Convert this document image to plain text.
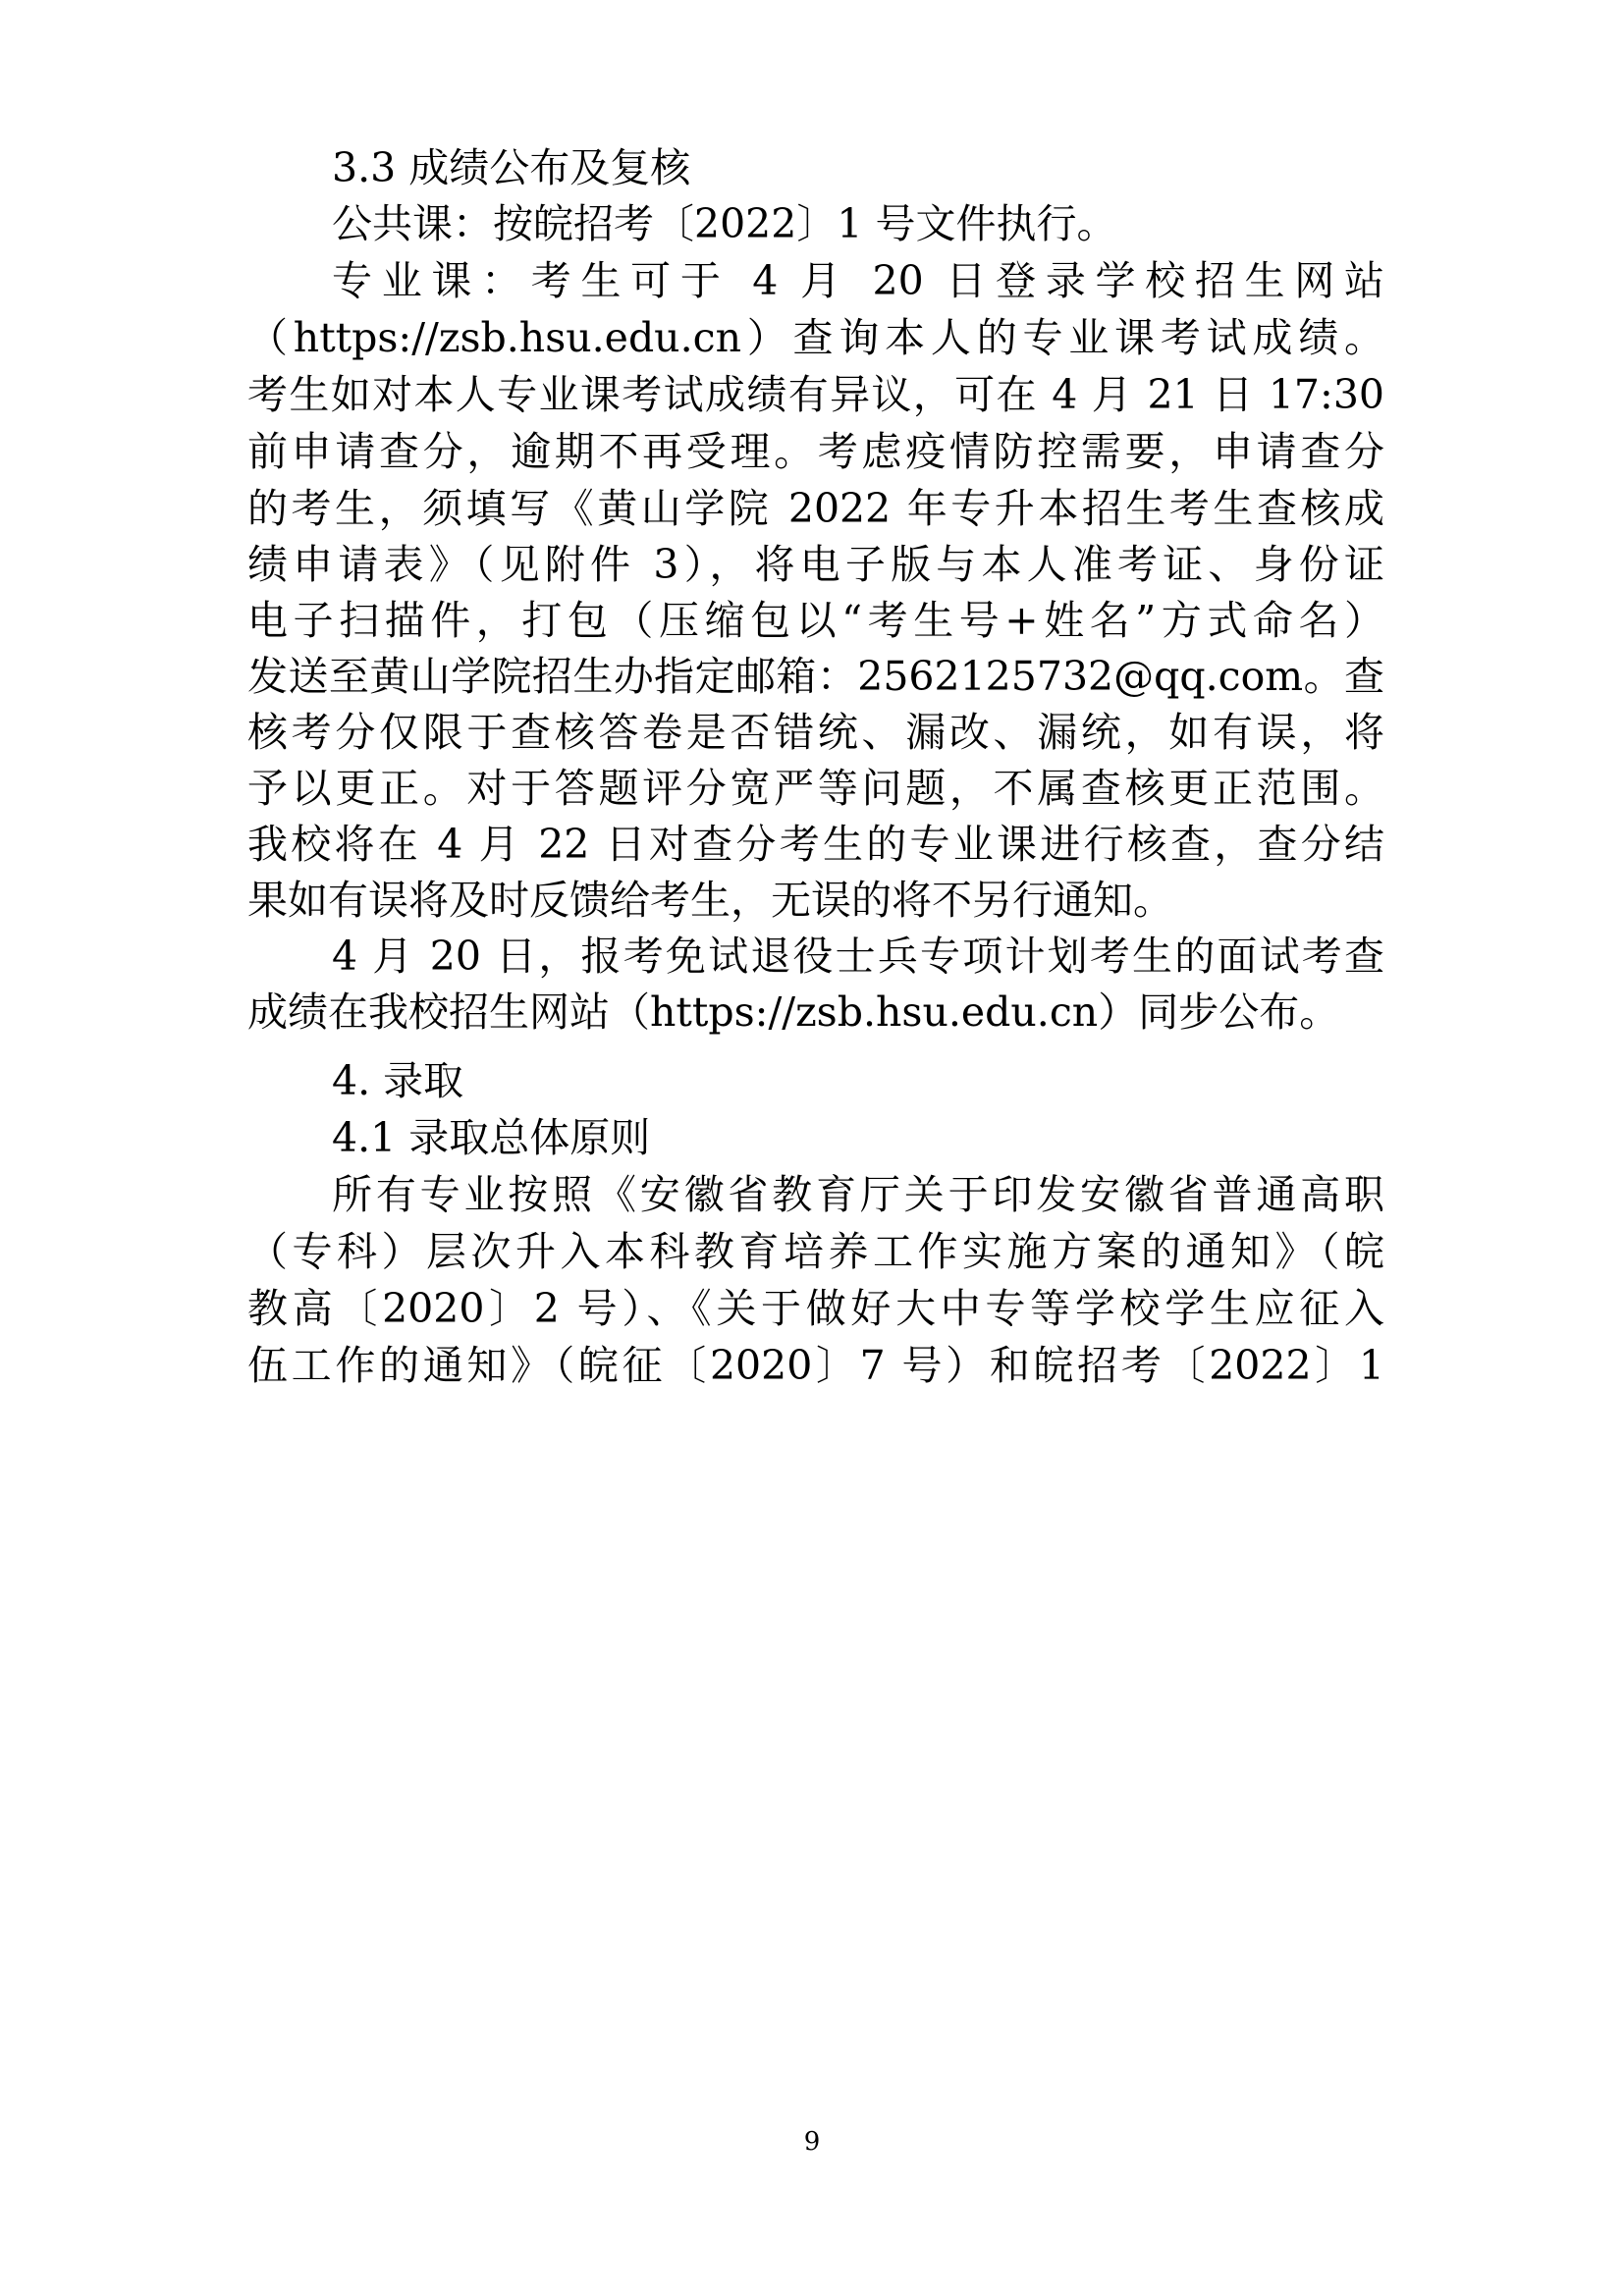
3.3 成绩公布及复核
公共课：按皖招考〔2022〕1 号文件执行。
专业课：考生可于 4 月 20 日登录学校招生网站
（https://zsb.hsu.edu.cn）查询本人的专业课考试成绩。
考生如对本人专业课考试成绩有异议，可在 4 月 21 日 17:30
前申请查分，逾期不再受理。考虑疫情防控需要，申请查分
的考生，须填写《黄山学院 2022 年专升本招生考生查核成
绩申请表》（见附件 3），将电子版与本人准考证、身份证
电子扫描件，打包（压缩包以“考生号+姓名”方式命名）
发送至黄山学院招生办指定邮箱：2562125732@qq.com。查
核考分仅限于查核答卷是否错统、漏改、漏统，如有误，将
予以更正。对于答题评分宽严等问题，不属查核更正范围。
我校将在 4 月 22 日对查分考生的专业课进行核查，查分结
果如有误将及时反馈给考生，无误的将不另行通知。
4 月 20 日，报考免试退役士兵专项计划考生的面试考查
成绩在我校招生网站（https://zsb.hsu.edu.cn）同步公布。
4. 录取
4.1 录取总体原则
所有专业按照《安徽省教育厅关于印发安徽省普通高职
（专科）层次升入本科教育培养工作实施方案的通知》（皖
教高〔2020〕2 号）、《关于做好大中专等学校学生应征入
伍工作的通知》（皖征〔2020〕7 号）和皖招考〔2022〕1
9
